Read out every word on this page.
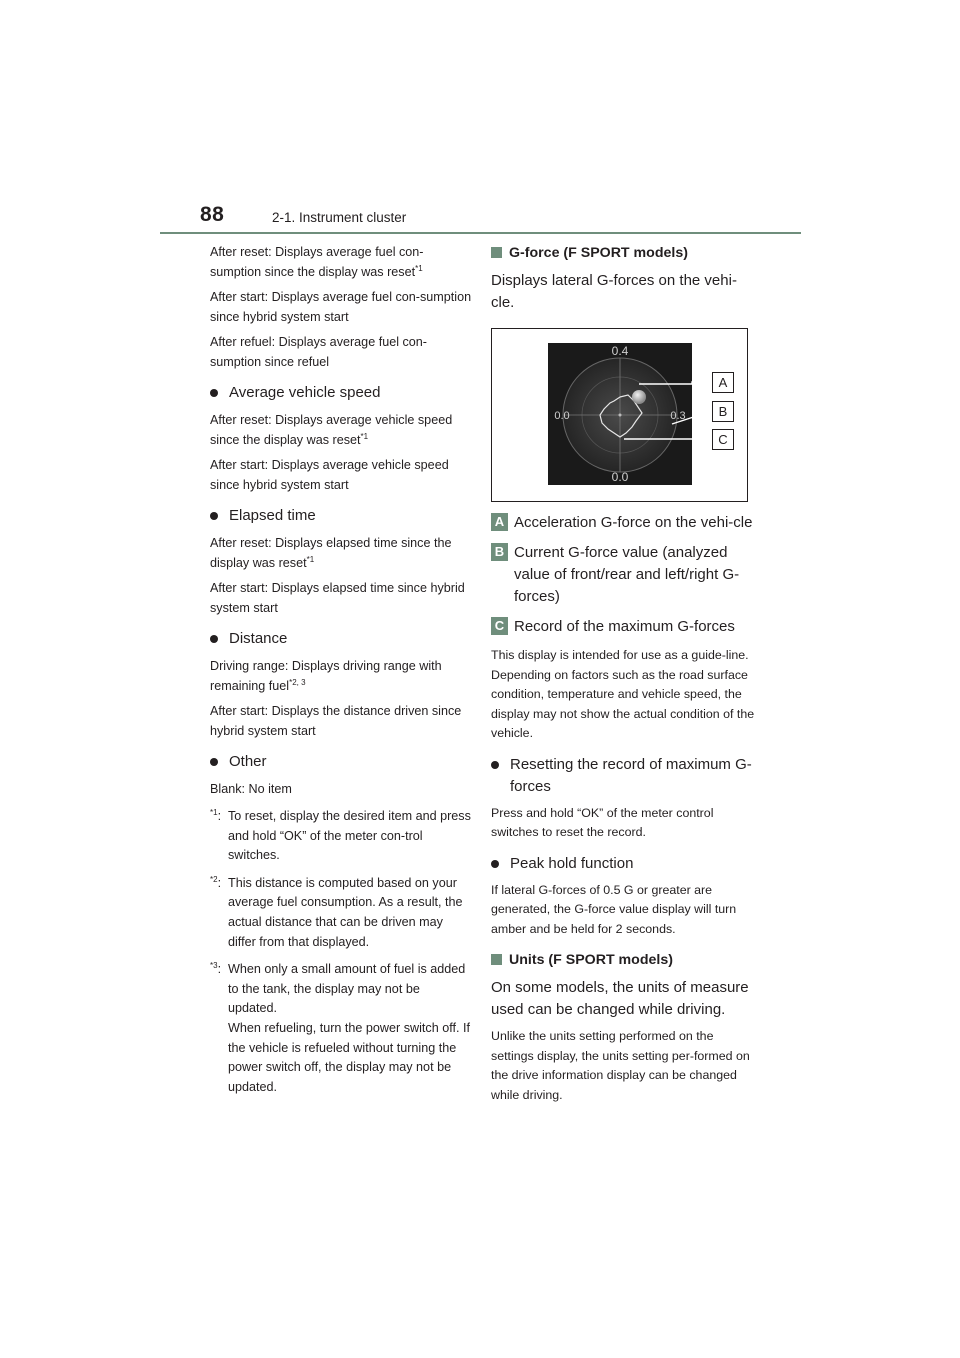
88	2-1. Instrument cluster

After reset: Displays average fuel con-sumption since the display was reset$^{*1}$

After start: Displays average fuel con-sumption since hybrid system start

After refuel: Displays average fuel con-sumption since refuel

Average vehicle speed

After reset: Displays average vehicle speed since the display was reset$^{*1}$

After start: Displays average vehicle speed since hybrid system start

Elapsed time

After reset: Displays elapsed time since the display was reset$^{*1}$

After start: Displays elapsed time since hybrid system start

Distance

Driving range: Displays driving range with remaining fuel$^{*2, 3}$

After start: Displays the distance driven since hybrid system start

Other

Blank: No item

$^{*1}$: To reset, display the desired item and press and hold “OK” of the meter con-trol switches.
$^{*2}$: This distance is computed based on your average fuel consumption. As a result, the actual distance that can be driven may differ from that displayed.
$^{*3}$: When only a small amount of fuel is added to the tank, the display may not be updated.
When refueling, turn the power switch off. If the vehicle is refueled without turning the power switch off, the display may not be updated.
G-force (F SPORT models)

Displays lateral G-forces on the vehi-cle.

0.4
0.0	0.3
0.0
A
B
C
A Acceleration G-force on the vehi-cle
B Current G-force value (analyzed value of front/rear and left/right G-forces)
C Record of the maximum G-forces

This display is intended for use as a guide-line. Depending on factors such as the road surface condition, temperature and vehicle speed, the display may not show the actual condition of the vehicle.

Resetting the record of maximum G-forces

Press and hold “OK” of the meter control switches to reset the record.

Peak hold function

If lateral G-forces of 0.5 G or greater are generated, the G-force value display will turn amber and be held for 2 seconds.

Units (F SPORT models)

On some models, the units of measure used can be changed while driving.

Unlike the units setting performed on the settings display, the units setting per-formed on the drive information display can be changed while driving.
